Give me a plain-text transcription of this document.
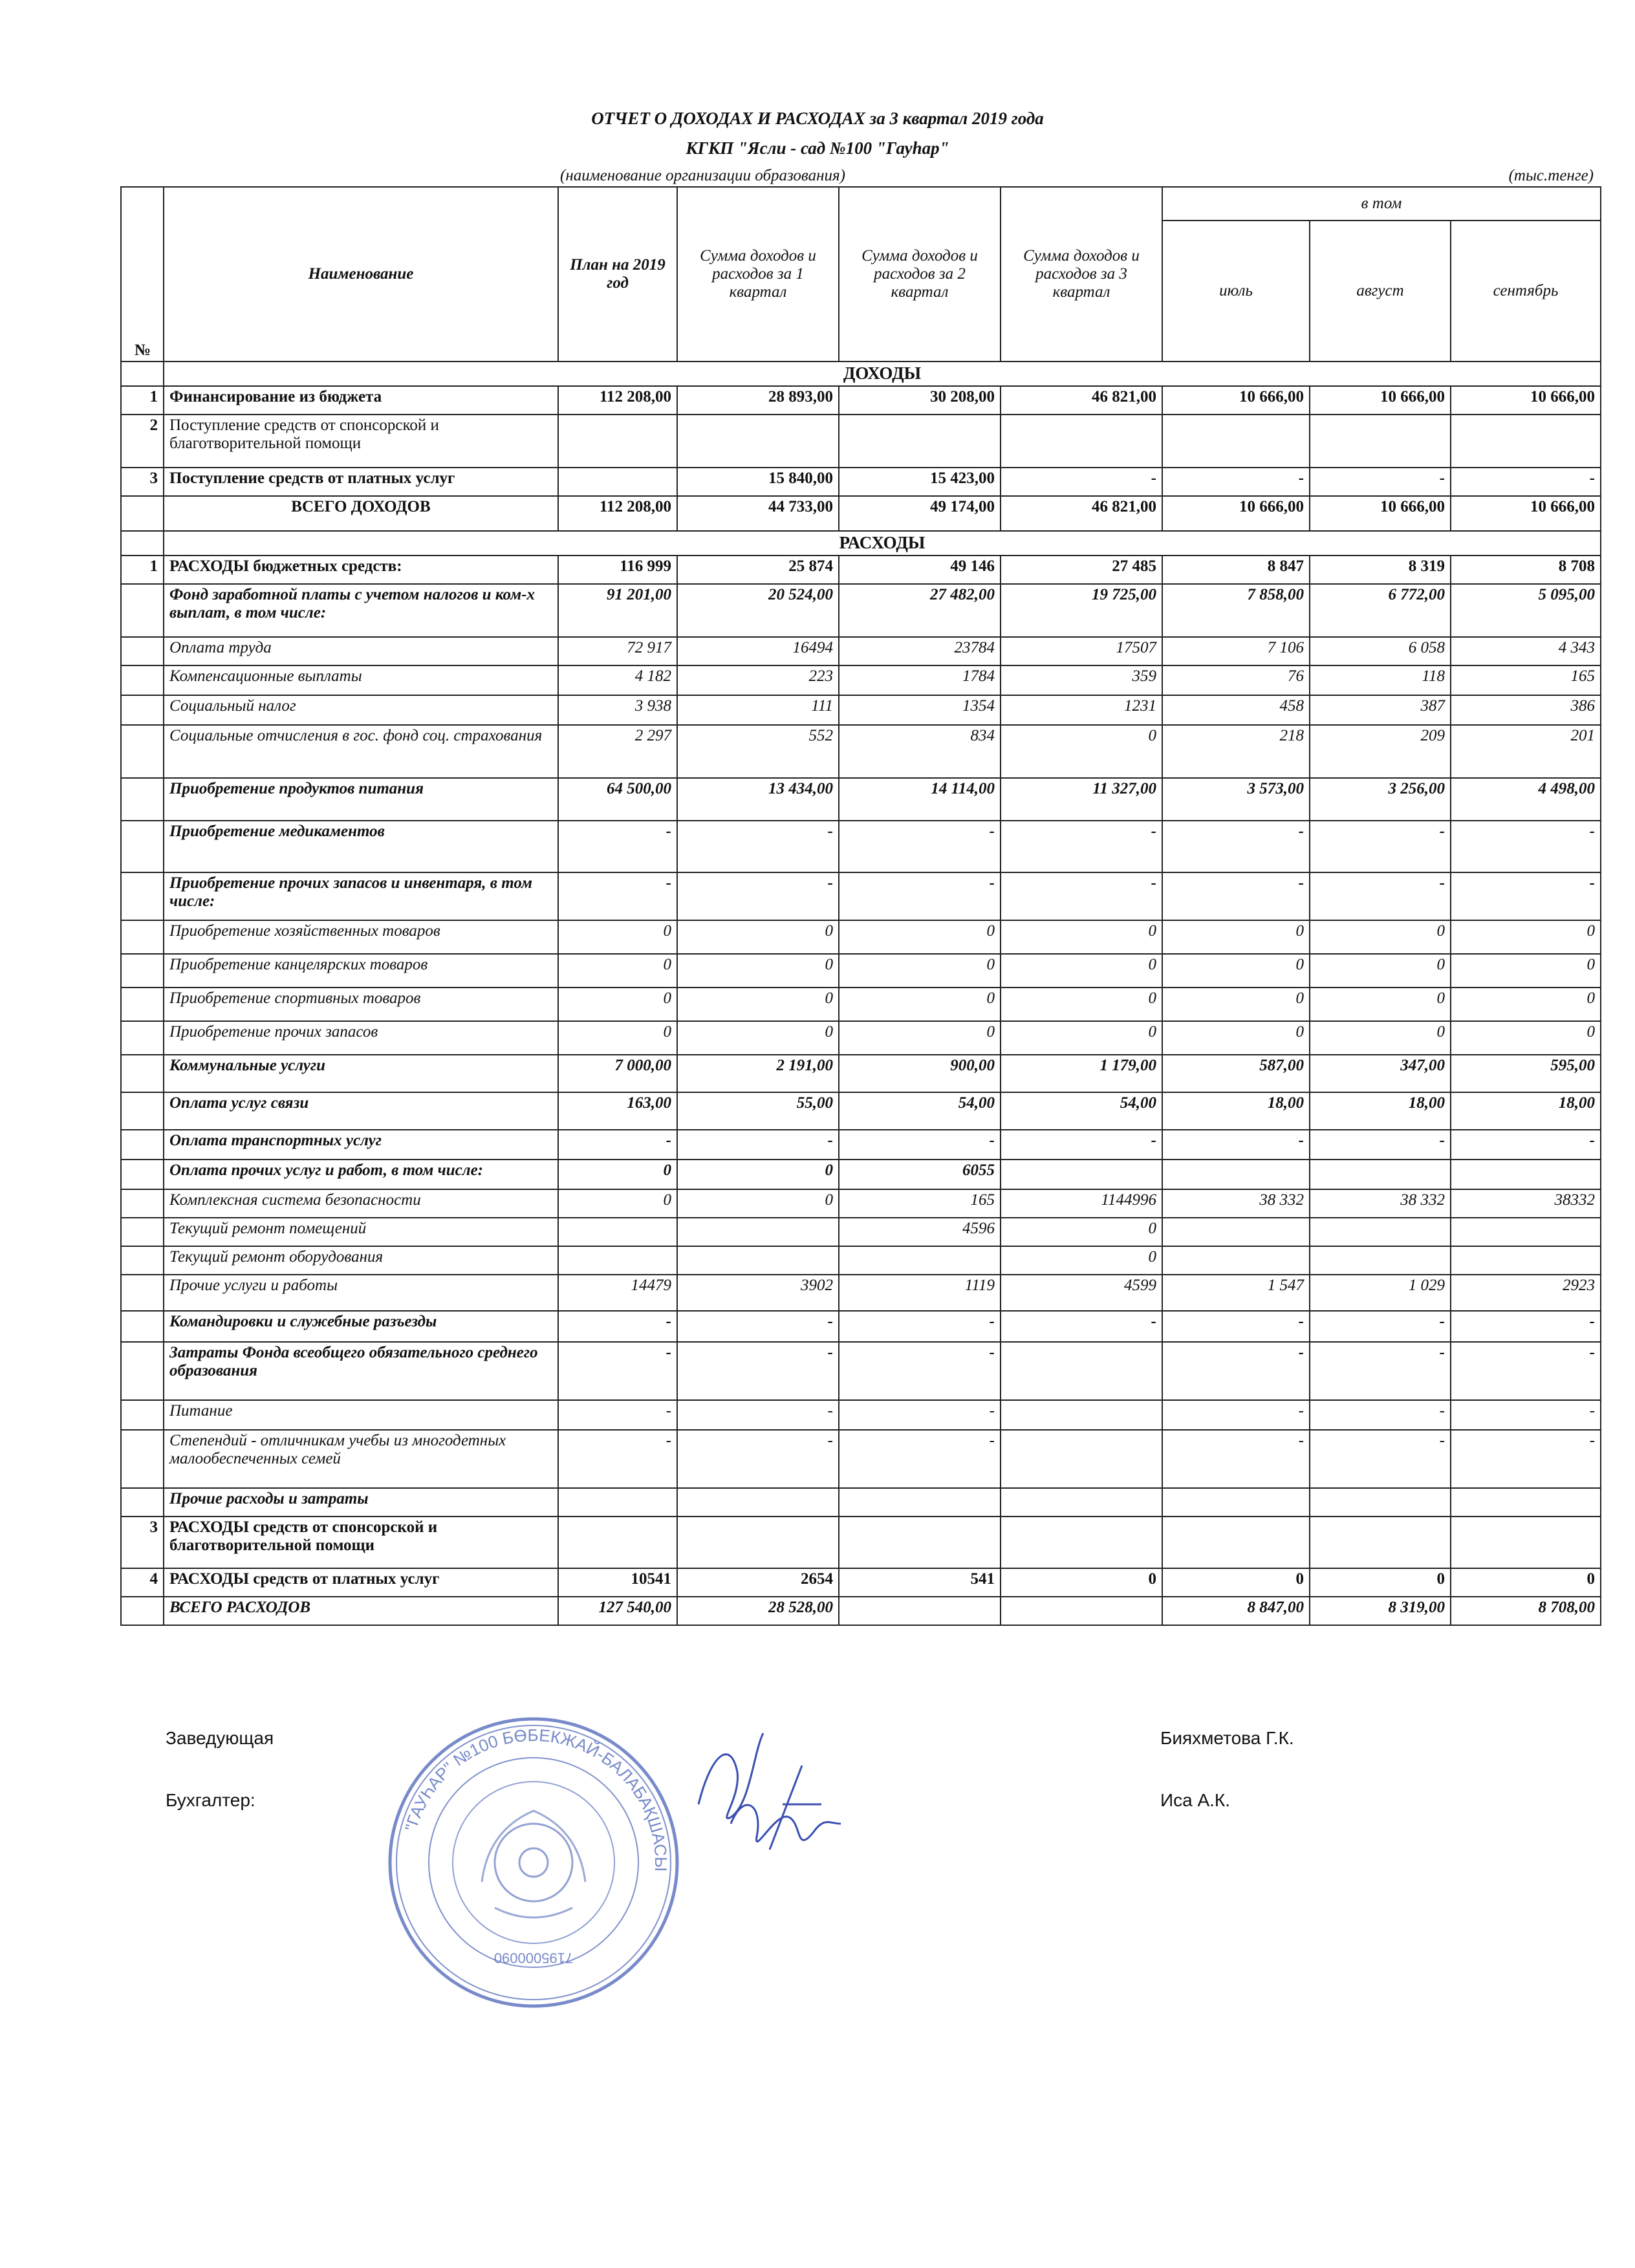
ОТЧЕТ О ДОХОДАХ И РАСХОДАХ за 3 квартал 2019 года
КГКП "Ясли - сад №100 "Гауһар"
(наименование организации образования)	(тыс.тенге)
№	Наименование	План на 2019 год	Сумма доходов и расходов за 1 квартал	Сумма доходов и расходов за 2 квартал	Сумма доходов и расходов за 3 квартал	в том		
						июль	август	сентябрь
	ДОХОДЫ							
1	Финансирование из бюджета	112 208,00	28 893,00	30 208,00	46 821,00	10 666,00	10 666,00	10 666,00
2	Поступление средств от спонсорской и благотворительной помощи							
3	Поступление средств от платных услуг		15 840,00	15 423,00	-	-	-	-
	ВСЕГО ДОХОДОВ	112 208,00	44 733,00	49 174,00	46 821,00	10 666,00	10 666,00	10 666,00
	РАСХОДЫ							
1	РАСХОДЫ бюджетных средств:	116 999	25 874	49 146	27 485	8 847	8 319	8 708
	Фонд заработной платы с учетом налогов и ком-х выплат, в том числе:	91 201,00	20 524,00	27 482,00	19 725,00	7 858,00	6 772,00	5 095,00
	Оплата труда	72 917	16494	23784	17507	7 106	6 058	4 343
	Компенсационные выплаты	4 182	223	1784	359	76	118	165
	Социальный налог	3 938	111	1354	1231	458	387	386
	Социальные отчисления в гос. фонд соц. страхования	2 297	552	834	0	218	209	201
	Приобретение продуктов питания	64 500,00	13 434,00	14 114,00	11 327,00	3 573,00	3 256,00	4 498,00
	Приобретение медикаментов	-	-	-	-	-	-	-
	Приобретение прочих запасов и инвентаря, в том числе:	-	-	-	-	-	-	-
	Приобретение хозяйственных товаров	0	0	0	0	0	0	0
	Приобретение канцелярских товаров	0	0	0	0	0	0	0
	Приобретение спортивных товаров	0	0	0	0	0	0	0
	Приобретение прочих запасов	0	0	0	0	0	0	0
	Коммунальные услуги	7 000,00	2 191,00	900,00	1 179,00	587,00	347,00	595,00
	Оплата услуг связи	163,00	55,00	54,00	54,00	18,00	18,00	18,00
	Оплата транспортных услуг	-	-	-	-	-	-	-
	Оплата прочих услуг и работ, в том числе:	0	0	6055				
	Комплексная система безопасности	0	0	165	1144996	38 332	38 332	38332
	Текущий ремонт помещений			4596	0			
	Текущий ремонт оборудования				0			
	Прочие услуги и работы	14479	3902	1119	4599	1 547	1 029	2923
	Командировки и служебные разъезды	-	-	-	-	-	-	-
	Затраты Фонда всеобщего обязательного среднего образования	-	-	-		-	-	-
	Питание	-	-	-		-	-	-
	Степендий - отличникам учебы из многодетных малообеспеченных семей	-	-	-		-	-	-
	Прочие расходы и затраты							
3	РАСХОДЫ средств от спонсорской и благотворительной помощи							
4	РАСХОДЫ средств от платных услуг	10541	2654	541	0	0	0	0
	ВСЕГО РАСХОДОВ	127 540,00	28 528,00			8 847,00	8 319,00	8 708,00
Заведующая	Бияхметова Г.К.
Бухгалтер:	Иса А.К.
"ГАУҺАР" №100 БӨБЕКЖАЙ-БАЛАБАҚШАСЫ
7195000090
